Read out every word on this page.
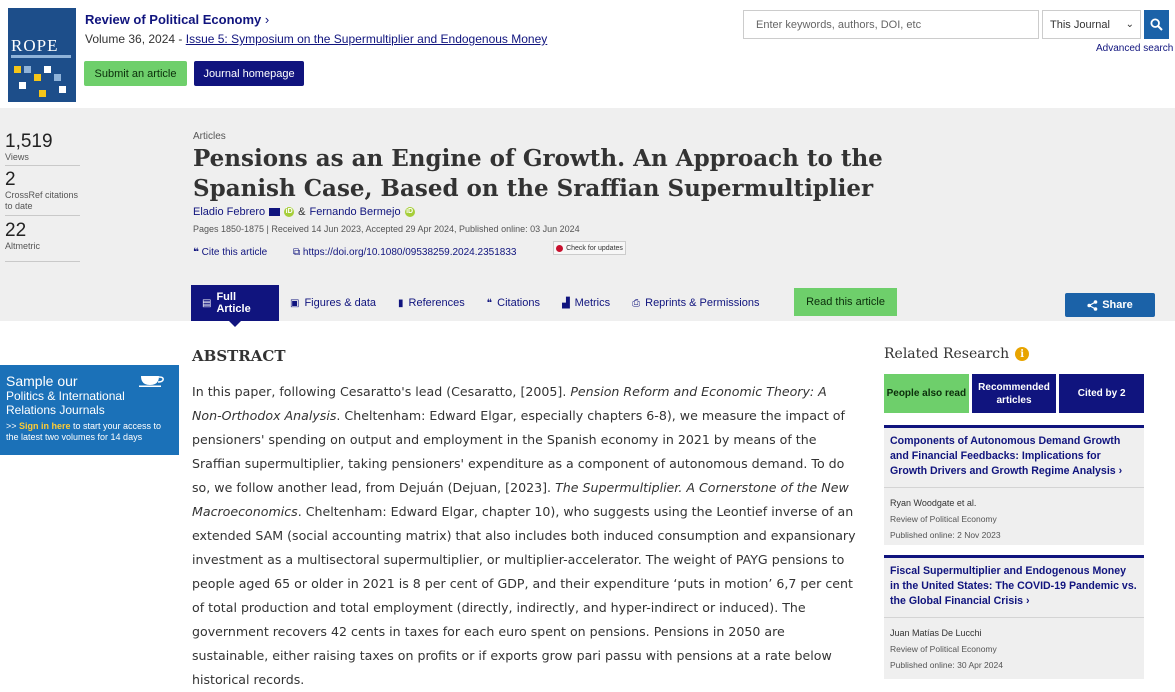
ROPE
Review of Political Economy ›
Volume 36, 2024 - Issue 5: Symposium on the Supermultiplier and Endogenous Money
Submit an article	Journal homepage
Enter keywords, authors, DOI, etc	This Journal ⌄
Advanced search
1,519
Views
2
CrossRef citations to date
22
Altmetric
Articles
Pensions as an Engine of Growth. An Approach to the Spanish Case, Based on the Sraffian Supermultiplier
Eladio Febrero	iD & Fernando Bermejo iD
Pages 1850-1875 | Received 14 Jun 2023, Accepted 29 Apr 2024, Published online: 03 Jun 2024
❝ Cite this article	⧉ https://doi.org/10.1080/09538259.2024.2351833	Check for updates
▤ Full Article	▣ Figures & data ▮ References ❝ Citations ▟ Metrics ⎙ Reprints & Permissions	Read this article	Share
Sample our
Politics & International Relations Journals
>> Sign in here to start your access to the latest two volumes for 14 days
ABSTRACT
In this paper, following Cesaratto's lead (Cesaratto, [2005]. Pension Reform and Economic Theory: A Non-Orthodox Analysis. Cheltenham: Edward Elgar, especially chapters 6-8), we measure the impact of pensioners' spending on output and employment in the Spanish economy in 2021 by means of the Sraffian supermultiplier, taking pensioners' expenditure as a component of autonomous demand. To do so, we follow another lead, from Dejuán (Dejuan, [2023]. The Supermultiplier. A Cornerstone of the New Macroeconomics. Cheltenham: Edward Elgar, chapter 10), who suggests using the Leontief inverse of an extended SAM (social accounting matrix) that also includes both induced consumption and expansionary investment as a multisectoral supermultiplier, or multiplier-accelerator. The weight of PAYG pensions to people aged 65 or older in 2021 is 8 per cent of GDP, and their expenditure ‘puts in motion’ 6,7 per cent of total production and total employment (directly, indirectly, and hyper-indirect or induced). The government recovers 42 cents in taxes for each euro spent on pensions. Pensions in 2050 are sustainable, either raising taxes on profits or if exports grow pari passu with pensions at a rate below historical records.
Related Research	i
People also read
Recommended articles
Cited by 2
Components of Autonomous Demand Growth and Financial Feedbacks: Implications for Growth Drivers and Growth Regime Analysis ›
Ryan Woodgate et al.
Review of Political Economy
Published online: 2 Nov 2023
Fiscal Supermultiplier and Endogenous Money in the United States: The COVID-19 Pandemic vs. the Global Financial Crisis ›
Juan Matías De Lucchi
Review of Political Economy
Published online: 30 Apr 2024
